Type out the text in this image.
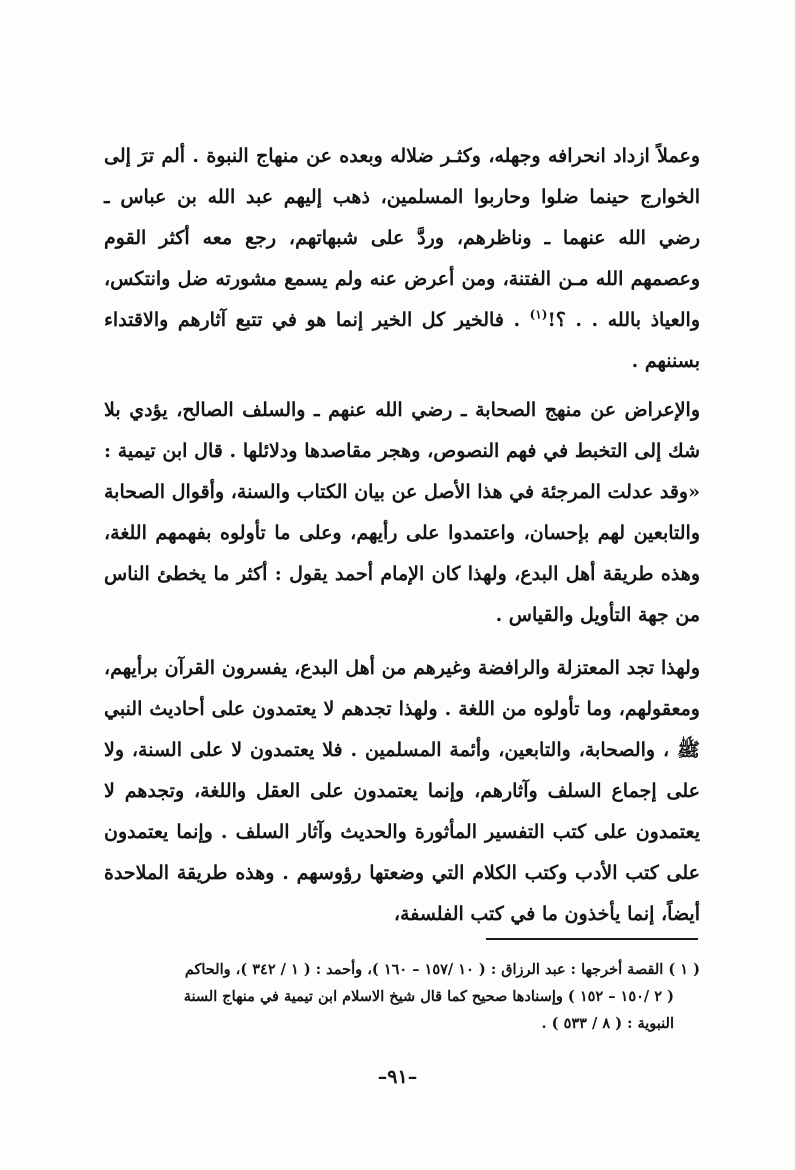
وعملاً ازداد انحرافه وجهله، وكثـر ضلاله وبعده عن منهاج النبوة . ألم ترَ إلى الخوارج حينما ضلوا وحاربوا المسلمين، ذهب إليهم عبد الله بن عباس ـ رضي الله عنهما ـ وناظرهم، وردَّ على شبهاتهم، رجع معه أكثر القوم وعصمهم الله مـن الفتنة، ومن أعرض عنه ولم يسمع مشورته ضل وانتكس، والعياذ بالله . . ؟!$^{(١)}$ . فالخير كل الخير إنما هو في تتبع آثارهم والاقتداء بسننهم .

والإعراض عن منهج الصحابة ـ رضي الله عنهم ـ والسلف الصالح، يؤدي بلا شك إلى التخبط في فهم النصوص، وهجر مقاصدها ودلائلها . قال ابن تيمية : «وقد عدلت المرجئة في هذا الأصل عن بيان الكتاب والسنة، وأقوال الصحابة والتابعين لهم بإحسان، واعتمدوا على رأيهم، وعلى ما تأولوه بفهمهم اللغة، وهذه طريقة أهل البدع، ولهذا كان الإمام أحمد يقول : أكثر ما يخطئ الناس من جهة التأويل والقياس .

ولهذا تجد المعتزلة والرافضة وغيرهم من أهل البدع، يفسرون القرآن برأيهم، ومعقولهم، وما تأولوه من اللغة . ولهذا تجدهم لا يعتمدون على أحاديث النبي ﷺ ، والصحابة، والتابعين، وأئمة المسلمين . فلا يعتمدون لا على السنة، ولا على إجماع السلف وآثارهم، وإنما يعتمدون على العقل واللغة، وتجدهم لا يعتمدون على كتب التفسير المأثورة والحديث وآثار السلف . وإنما يعتمدون على كتب الأدب وكتب الكلام التي وضعتها رؤوسهم . وهذه طريقة الملاحدة أيضاً، إنما يأخذون ما في كتب الفلسفة،

( ١ ) القصة أخرجها : عبد الرزاق : ( ١٠ /١٥٧ – ١٦٠ )، وأحمد : ( ١ / ٣٤٢ )، والحاكم

( ٢ /١٥٠ – ١٥٢ ) وإسنادها صحيح كما قال شيخ الاسلام ابن تيمية في منهاج السنة

النبوية : ( ٨ / ٥٣٣ ) .

–٩١–
